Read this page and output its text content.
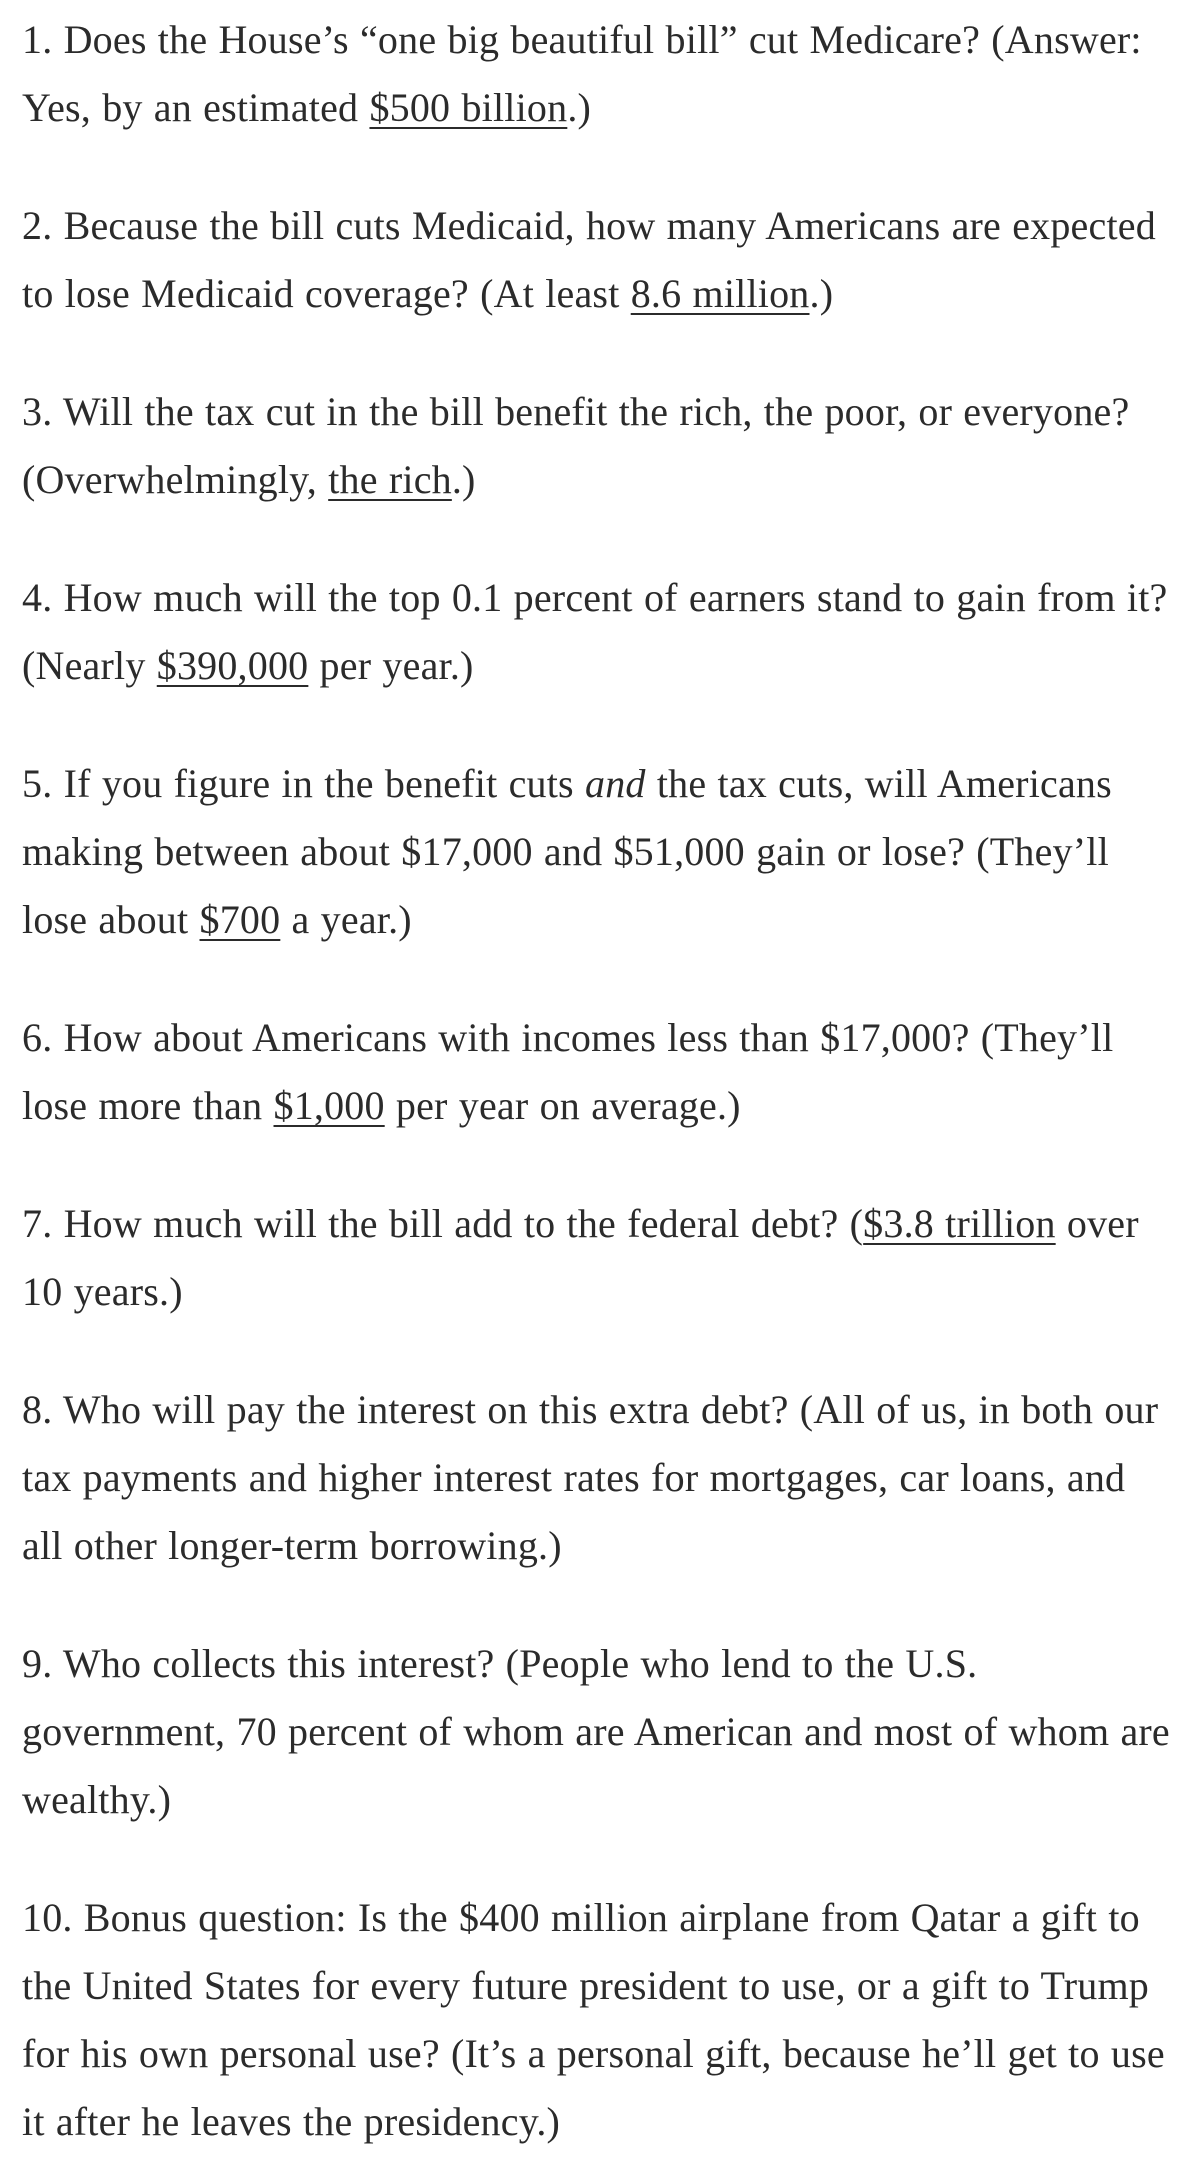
1. Does the House’s “one big beautiful bill” cut Medicare? (Answer: Yes, by an estimated $500 billion.)

2. Because the bill cuts Medicaid, how many Americans are expected to lose Medicaid coverage? (At least 8.6 million.)

3. Will the tax cut in the bill benefit the rich, the poor, or everyone? (Overwhelmingly, the rich.)

4. How much will the top 0.1 percent of earners stand to gain from it? (Nearly $390,000 per year.)

5. If you figure in the benefit cuts and the tax cuts, will Americans making between about $17,000 and $51,000 gain or lose? (They’ll lose about $700 a year.)

6. How about Americans with incomes less than $17,000? (They’ll lose more than $1,000 per year on average.)

7. How much will the bill add to the federal debt? ($3.8 trillion over 10 years.)

8. Who will pay the interest on this extra debt? (All of us, in both our tax payments and higher interest rates for mortgages, car loans, and all other longer-term borrowing.)

9. Who collects this interest? (People who lend to the U.S. government, 70 percent of whom are American and most of whom are wealthy.)

10. Bonus question: Is the $400 million airplane from Qatar a gift to the United States for every future president to use, or a gift to Trump for his own personal use? (It’s a personal gift, because he’ll get to use it after he leaves the presidency.)
